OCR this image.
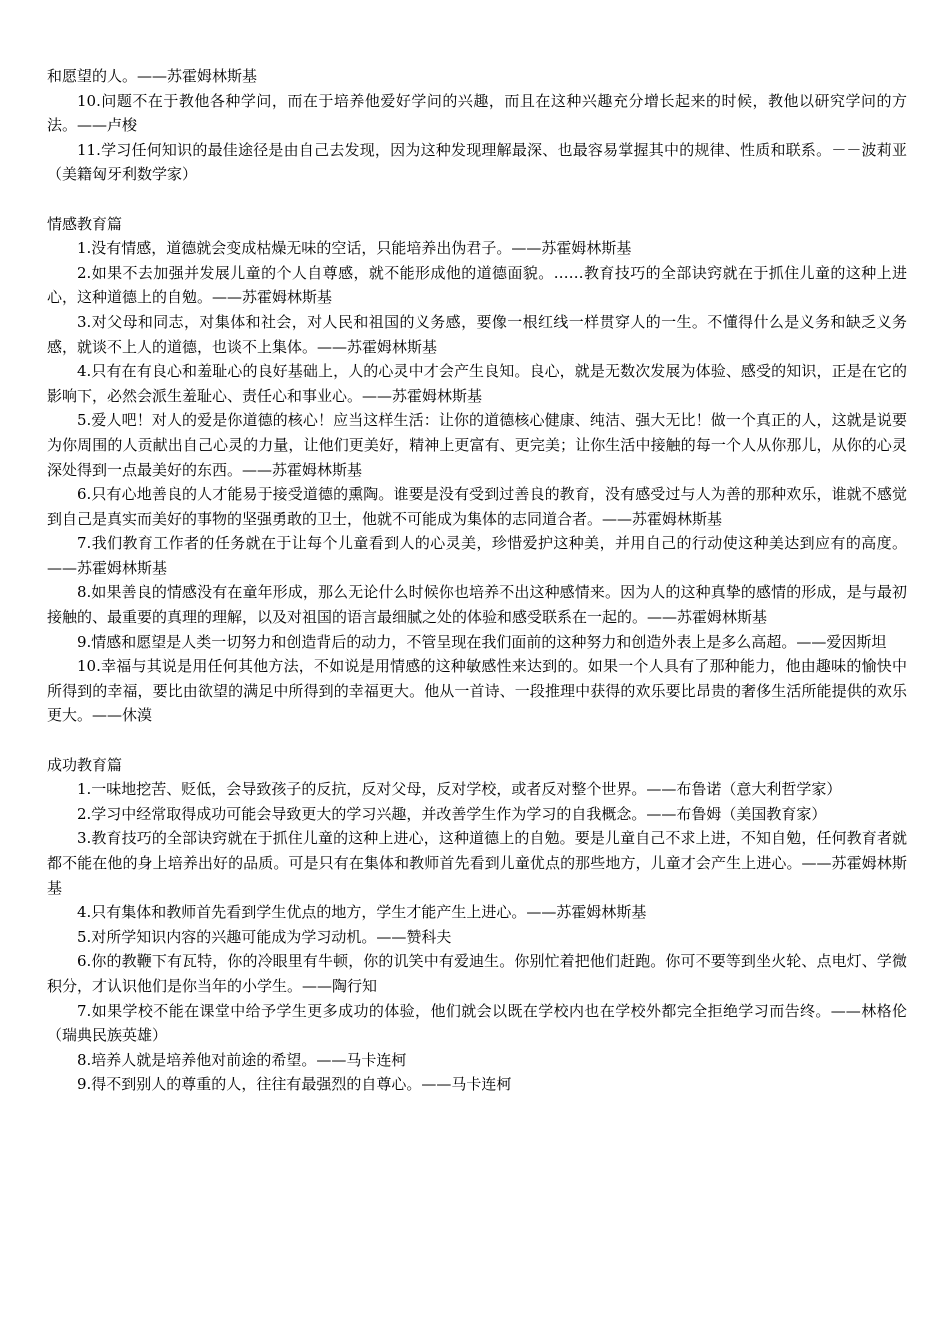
和愿望的人。——苏霍姆林斯基

10.问题不在于教他各种学问，而在于培养他爱好学问的兴趣，而且在这种兴趣充分增长起来的时候，教他以研究学问的方法。——卢梭

11.学习任何知识的最佳途径是由自己去发现，因为这种发现理解最深、也最容易掌握其中的规律、性质和联系。－－波莉亚（美籍匈牙利数学家）

情感教育篇

1.没有情感，道德就会变成枯燥无味的空话，只能培养出伪君子。——苏霍姆林斯基

2.如果不去加强并发展儿童的个人自尊感，就不能形成他的道德面貌。……教育技巧的全部诀窍就在于抓住儿童的这种上进心，这种道德上的自勉。——苏霍姆林斯基

3.对父母和同志，对集体和社会，对人民和祖国的义务感，要像一根红线一样贯穿人的一生。不懂得什么是义务和缺乏义务感，就谈不上人的道德，也谈不上集体。——苏霍姆林斯基

4.只有在有良心和羞耻心的良好基础上，人的心灵中才会产生良知。良心，就是无数次发展为体验、感受的知识，正是在它的影响下，必然会派生羞耻心、责任心和事业心。——苏霍姆林斯基

5.爱人吧！对人的爱是你道德的核心！应当这样生活：让你的道德核心健康、纯洁、强大无比！做一个真正的人，这就是说要为你周围的人贡献出自己心灵的力量，让他们更美好，精神上更富有、更完美；让你生活中接触的每一个人从你那儿，从你的心灵深处得到一点最美好的东西。——苏霍姆林斯基

6.只有心地善良的人才能易于接受道德的熏陶。谁要是没有受到过善良的教育，没有感受过与人为善的那种欢乐，谁就不感觉到自己是真实而美好的事物的坚强勇敢的卫士，他就不可能成为集体的志同道合者。——苏霍姆林斯基

7.我们教育工作者的任务就在于让每个儿童看到人的心灵美，珍惜爱护这种美，并用自己的行动使这种美达到应有的高度。——苏霍姆林斯基

8.如果善良的情感没有在童年形成，那么无论什么时候你也培养不出这种感情来。因为人的这种真挚的感情的形成，是与最初接触的、最重要的真理的理解，以及对祖国的语言最细腻之处的体验和感受联系在一起的。——苏霍姆林斯基

9.情感和愿望是人类一切努力和创造背后的动力，不管呈现在我们面前的这种努力和创造外表上是多么高超。——爱因斯坦

10.幸福与其说是用任何其他方法，不如说是用情感的这种敏感性来达到的。如果一个人具有了那种能力，他由趣味的愉快中所得到的幸福，要比由欲望的满足中所得到的幸福更大。他从一首诗、一段推理中获得的欢乐要比昂贵的奢侈生活所能提供的欢乐更大。——休漠

成功教育篇

1.一味地挖苦、贬低，会导致孩子的反抗，反对父母，反对学校，或者反对整个世界。——布鲁诺（意大利哲学家）

2.学习中经常取得成功可能会导致更大的学习兴趣，并改善学生作为学习的自我概念。——布鲁姆（美国教育家）

3.教育技巧的全部诀窍就在于抓住儿童的这种上进心，这种道德上的自勉。要是儿童自己不求上进，不知自勉，任何教育者就都不能在他的身上培养出好的品质。可是只有在集体和教师首先看到儿童优点的那些地方，儿童才会产生上进心。——苏霍姆林斯基

4.只有集体和教师首先看到学生优点的地方，学生才能产生上进心。——苏霍姆林斯基

5.对所学知识内容的兴趣可能成为学习动机。——赞科夫

6.你的教鞭下有瓦特，你的冷眼里有牛顿，你的讥笑中有爱迪生。你别忙着把他们赶跑。你可不要等到坐火轮、点电灯、学微积分，才认识他们是你当年的小学生。——陶行知

7.如果学校不能在课堂中给予学生更多成功的体验，他们就会以既在学校内也在学校外都完全拒绝学习而告终。——林格伦（瑞典民族英雄）

8.培养人就是培养他对前途的希望。——马卡连柯

9.得不到别人的尊重的人，往往有最强烈的自尊心。——马卡连柯
